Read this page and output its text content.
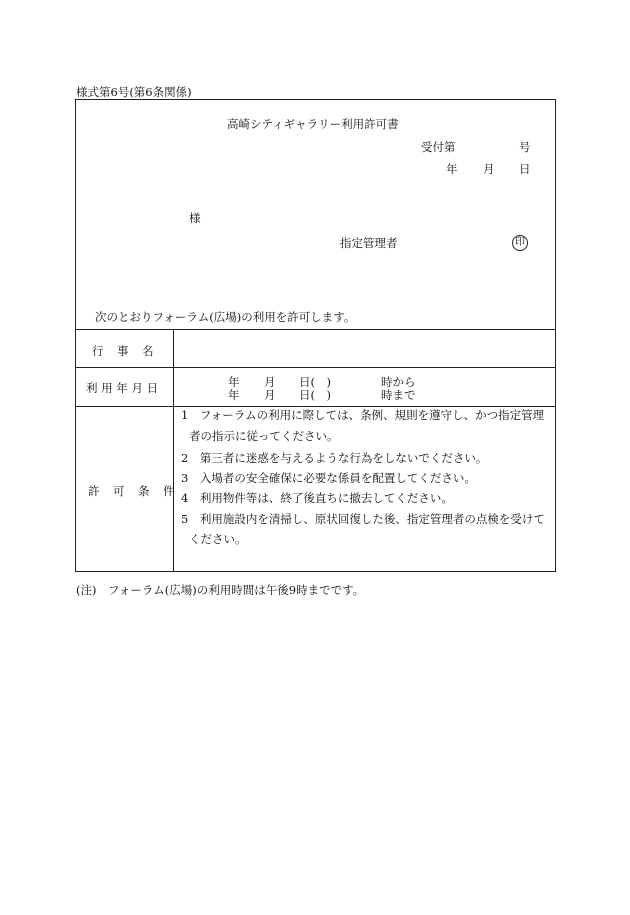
様式第6号(第6条関係)
高崎シティギャラリー利用許可書
受付第	号
年 月 日
様
指定管理者	印
次のとおりフォーラム(広場)の利用を許可します。
行　事　名
利 用 年 月 日	年 月 日(　)	時から
年 月 日(　)	時まで
許　可　条　件
1　フォーラムの利用に際しては、条例、規則を遵守し、かつ指定管理
者の指示に従ってください。
2　第三者に迷惑を与えるような行為をしないでください。
3　入場者の安全確保に必要な係員を配置してください。
4　利用物件等は、終了後直ちに撤去してください。
5　利用施設内を清掃し、原状回復した後、指定管理者の点検を受けて
ください。
(注)　フォーラム(広場)の利用時間は午後9時までです。
